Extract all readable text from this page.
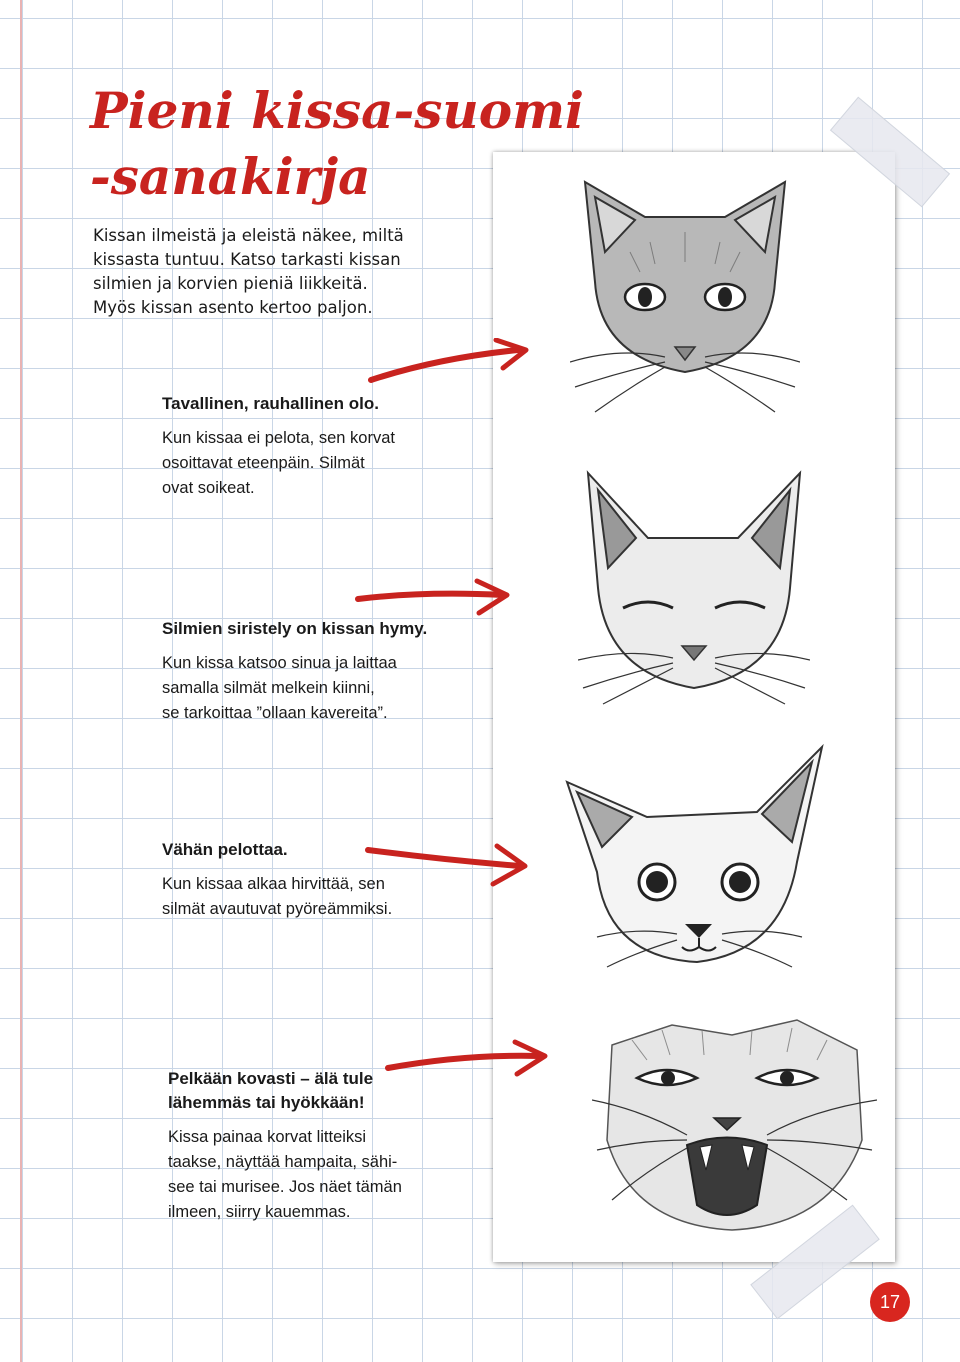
Pieni kissa-suomi
-sanakirja

Kissan ilmeistä ja eleistä näkee, miltä

kissasta tuntuu. Katso tarkasti kissan

silmien ja korvien pieniä liikkeitä.

Myös kissan asento kertoo paljon.

Tavallinen, rauhallinen olo.
Kun kissaa ei pelota, sen korvat
osoittavat eteenpäin. Silmät
ovat soikeat.
Silmien siristely on kissan hymy.
Kun kissa katsoo sinua ja laittaa
samalla silmät melkein kiinni,
se tarkoittaa ”ollaan kavereita”.
Vähän pelottaa.
Kun kissaa alkaa hirvittää, sen
silmät avautuvat pyöreämmiksi.
Pelkään kovasti – älä tule
lähemmäs tai hyökkään!
Kissa painaa korvat litteiksi
taakse, näyttää hampaita, sähi-
see tai murisee. Jos näet tämän
ilmeen, siirry kauemmas.
17
